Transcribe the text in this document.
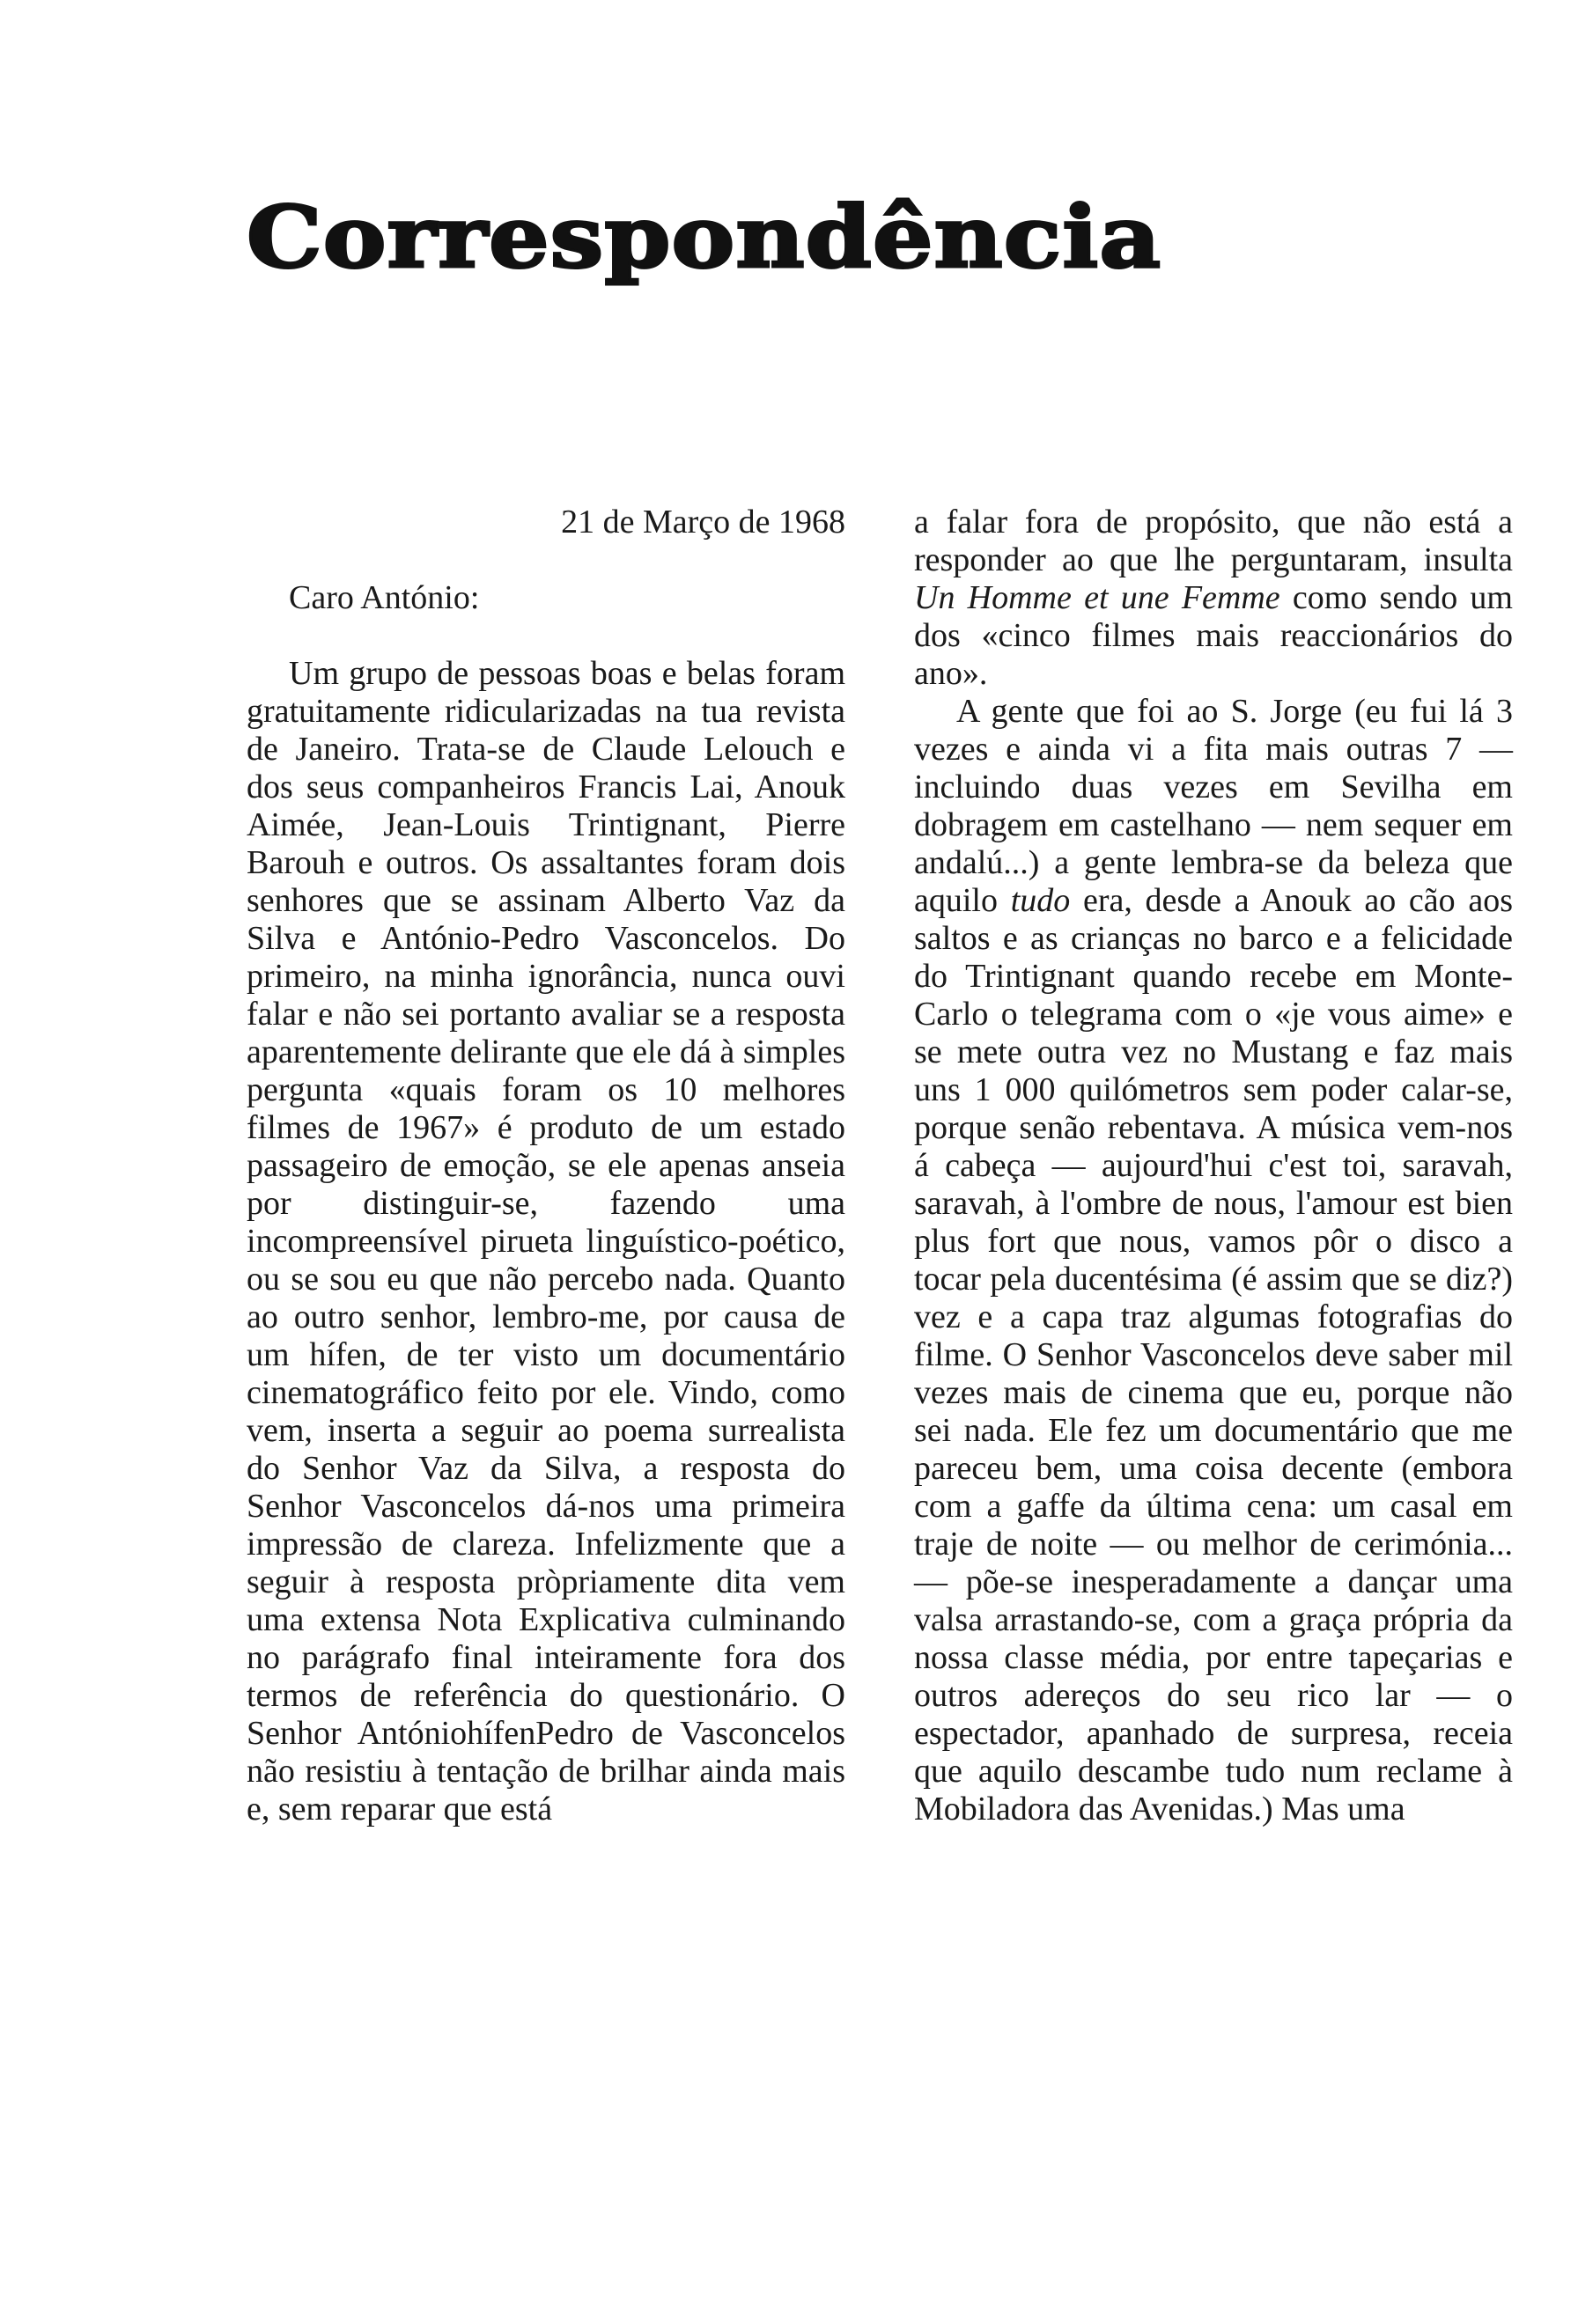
Correspondência

21 de Março de 1968

Caro António:

Um grupo de pessoas boas e belas foram gratuitamente ridicularizadas na tua revista de Janeiro. Trata-se de Claude Lelouch e dos seus companheiros Francis Lai, Anouk Aimée, Jean-Louis Trintignant, Pierre Barouh e outros. Os assaltantes foram dois senhores que se assinam Alberto Vaz da Silva e António-Pedro Vasconcelos. Do primeiro, na minha ignorância, nunca ouvi falar e não sei portanto avaliar se a resposta aparentemente delirante que ele dá à simples pergunta «quais foram os 10 melhores filmes de 1967» é produto de um estado passageiro de emoção, se ele apenas anseia por distinguir-se, fazendo uma incompreensível pirueta linguístico-poético, ou se sou eu que não percebo nada. Quanto ao outro senhor, lembro-me, por causa de um hífen, de ter visto um documentário cinematográfico feito por ele. Vindo, como vem, inserta a seguir ao poema surrealista do Senhor Vaz da Silva, a resposta do Senhor Vasconcelos dá-nos uma primeira impressão de clareza. Infelizmente que a seguir à resposta pròpriamente dita vem uma extensa Nota Explicativa culminando no parágrafo final inteiramente fora dos termos de referência do questionário. O Senhor AntóniohífenPedro de Vasconcelos não resistiu à tentação de brilhar ainda mais e, sem reparar que está

a falar fora de propósito, que não está a responder ao que lhe perguntaram, insulta Un Homme et une Femme como sendo um dos «cinco filmes mais reaccionários do ano».

A gente que foi ao S. Jorge (eu fui lá 3 vezes e ainda vi a fita mais outras 7 — incluindo duas vezes em Sevilha em dobragem em castelhano — nem sequer em andalú...) a gente lembra-se da beleza que aquilo tudo era, desde a Anouk ao cão aos saltos e as crianças no barco e a felicidade do Trintignant quando recebe em Monte-Carlo o telegrama com o «je vous aime» e se mete outra vez no Mustang e faz mais uns 1 000 quilómetros sem poder calar-se, porque senão rebentava. A música vem-nos á cabeça — aujourd'hui c'est toi, saravah, saravah, à l'ombre de nous, l'amour est bien plus fort que nous, vamos pôr o disco a tocar pela ducentésima (é assim que se diz?) vez e a capa traz algumas fotografias do filme. O Senhor Vasconcelos deve saber mil vezes mais de cinema que eu, porque não sei nada. Ele fez um documentário que me pareceu bem, uma coisa decente (embora com a gaffe da última cena: um casal em traje de noite — ou melhor de cerimónia... — põe-se inesperadamente a dançar uma valsa arrastando-se, com a graça própria da nossa classe média, por entre tapeçarias e outros adereços do seu rico lar — o espectador, apanhado de surpresa, receia que aquilo descambe tudo num reclame à Mobiladora das Avenidas.) Mas uma
